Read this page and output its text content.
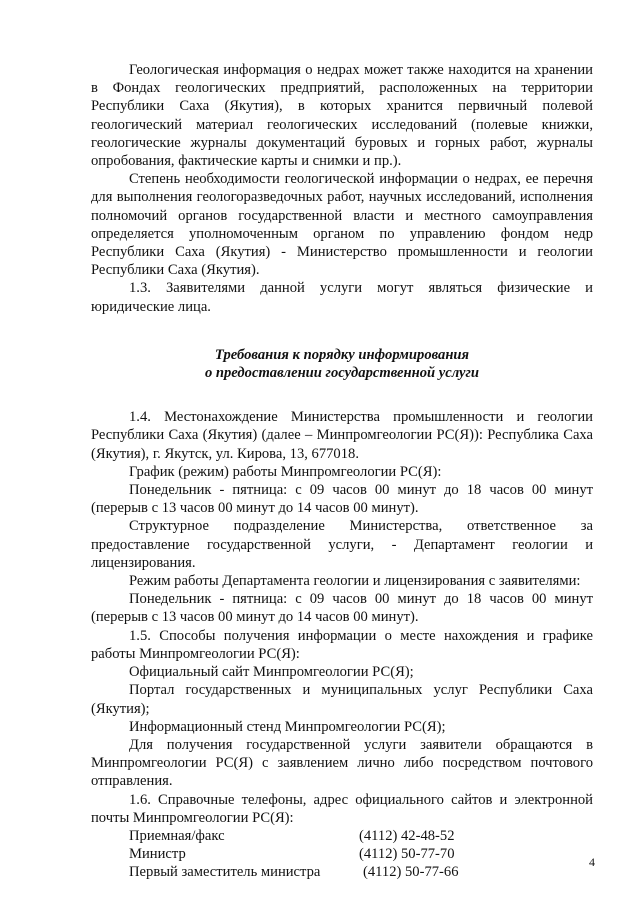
Геологическая информация о недрах может также находится на хранении в Фондах геологических предприятий, расположенных на территории Республики Саха (Якутия), в которых хранится первичный полевой геологический материал геологических исследований (полевые книжки, геологические журналы документаций буровых и горных работ, журналы опробования, фактические карты и снимки и пр.).

Степень необходимости геологической информации о недрах, ее перечня для выполнения геологоразведочных работ, научных исследований, исполнения полномочий органов государственной власти и местного самоуправления определяется уполномоченным органом по управлению фондом недр Республики Саха (Якутия) - Министерство промышленности и геологии Республики Саха (Якутия).

1.3. Заявителями данной услуги могут являться физические и юридические лица.

Требования к порядку информирования
о предоставлении государственной услуги

1.4. Местонахождение Министерства промышленности и геологии Республики Саха (Якутия) (далее – Минпромгеологии РС(Я)): Республика Саха (Якутия), г. Якутск, ул. Кирова, 13, 677018.

График (режим) работы Минпромгеологии РС(Я):

Понедельник - пятница: с 09 часов 00 минут до 18 часов 00 минут (перерыв с 13 часов 00 минут до 14 часов 00 минут).

Структурное подразделение Министерства, ответственное за предоставление государственной услуги, - Департамент геологии и лицензирования.

Режим работы Департамента геологии и лицензирования с заявителями:

Понедельник - пятница: с 09 часов 00 минут до 18 часов 00 минут (перерыв с 13 часов 00 минут до 14 часов 00 минут).

1.5. Способы получения информации о месте нахождения и графике работы Минпромгеологии РС(Я):

Официальный сайт Минпромгеологии РС(Я);

Портал государственных и муниципальных услуг Республики Саха (Якутия);

Информационный стенд Минпромгеологии РС(Я);

Для получения государственной услуги заявители обращаются в Минпромгеологии РС(Я) с заявлением лично либо посредством почтового отправления.

1.6. Справочные телефоны, адрес официального сайтов и электронной почты Минпромгеологии РС(Я):

Приемная/факс	(4112) 42-48-52
Министр	(4112) 50-77-70
Первый заместитель министра	(4112) 50-77-66
4
